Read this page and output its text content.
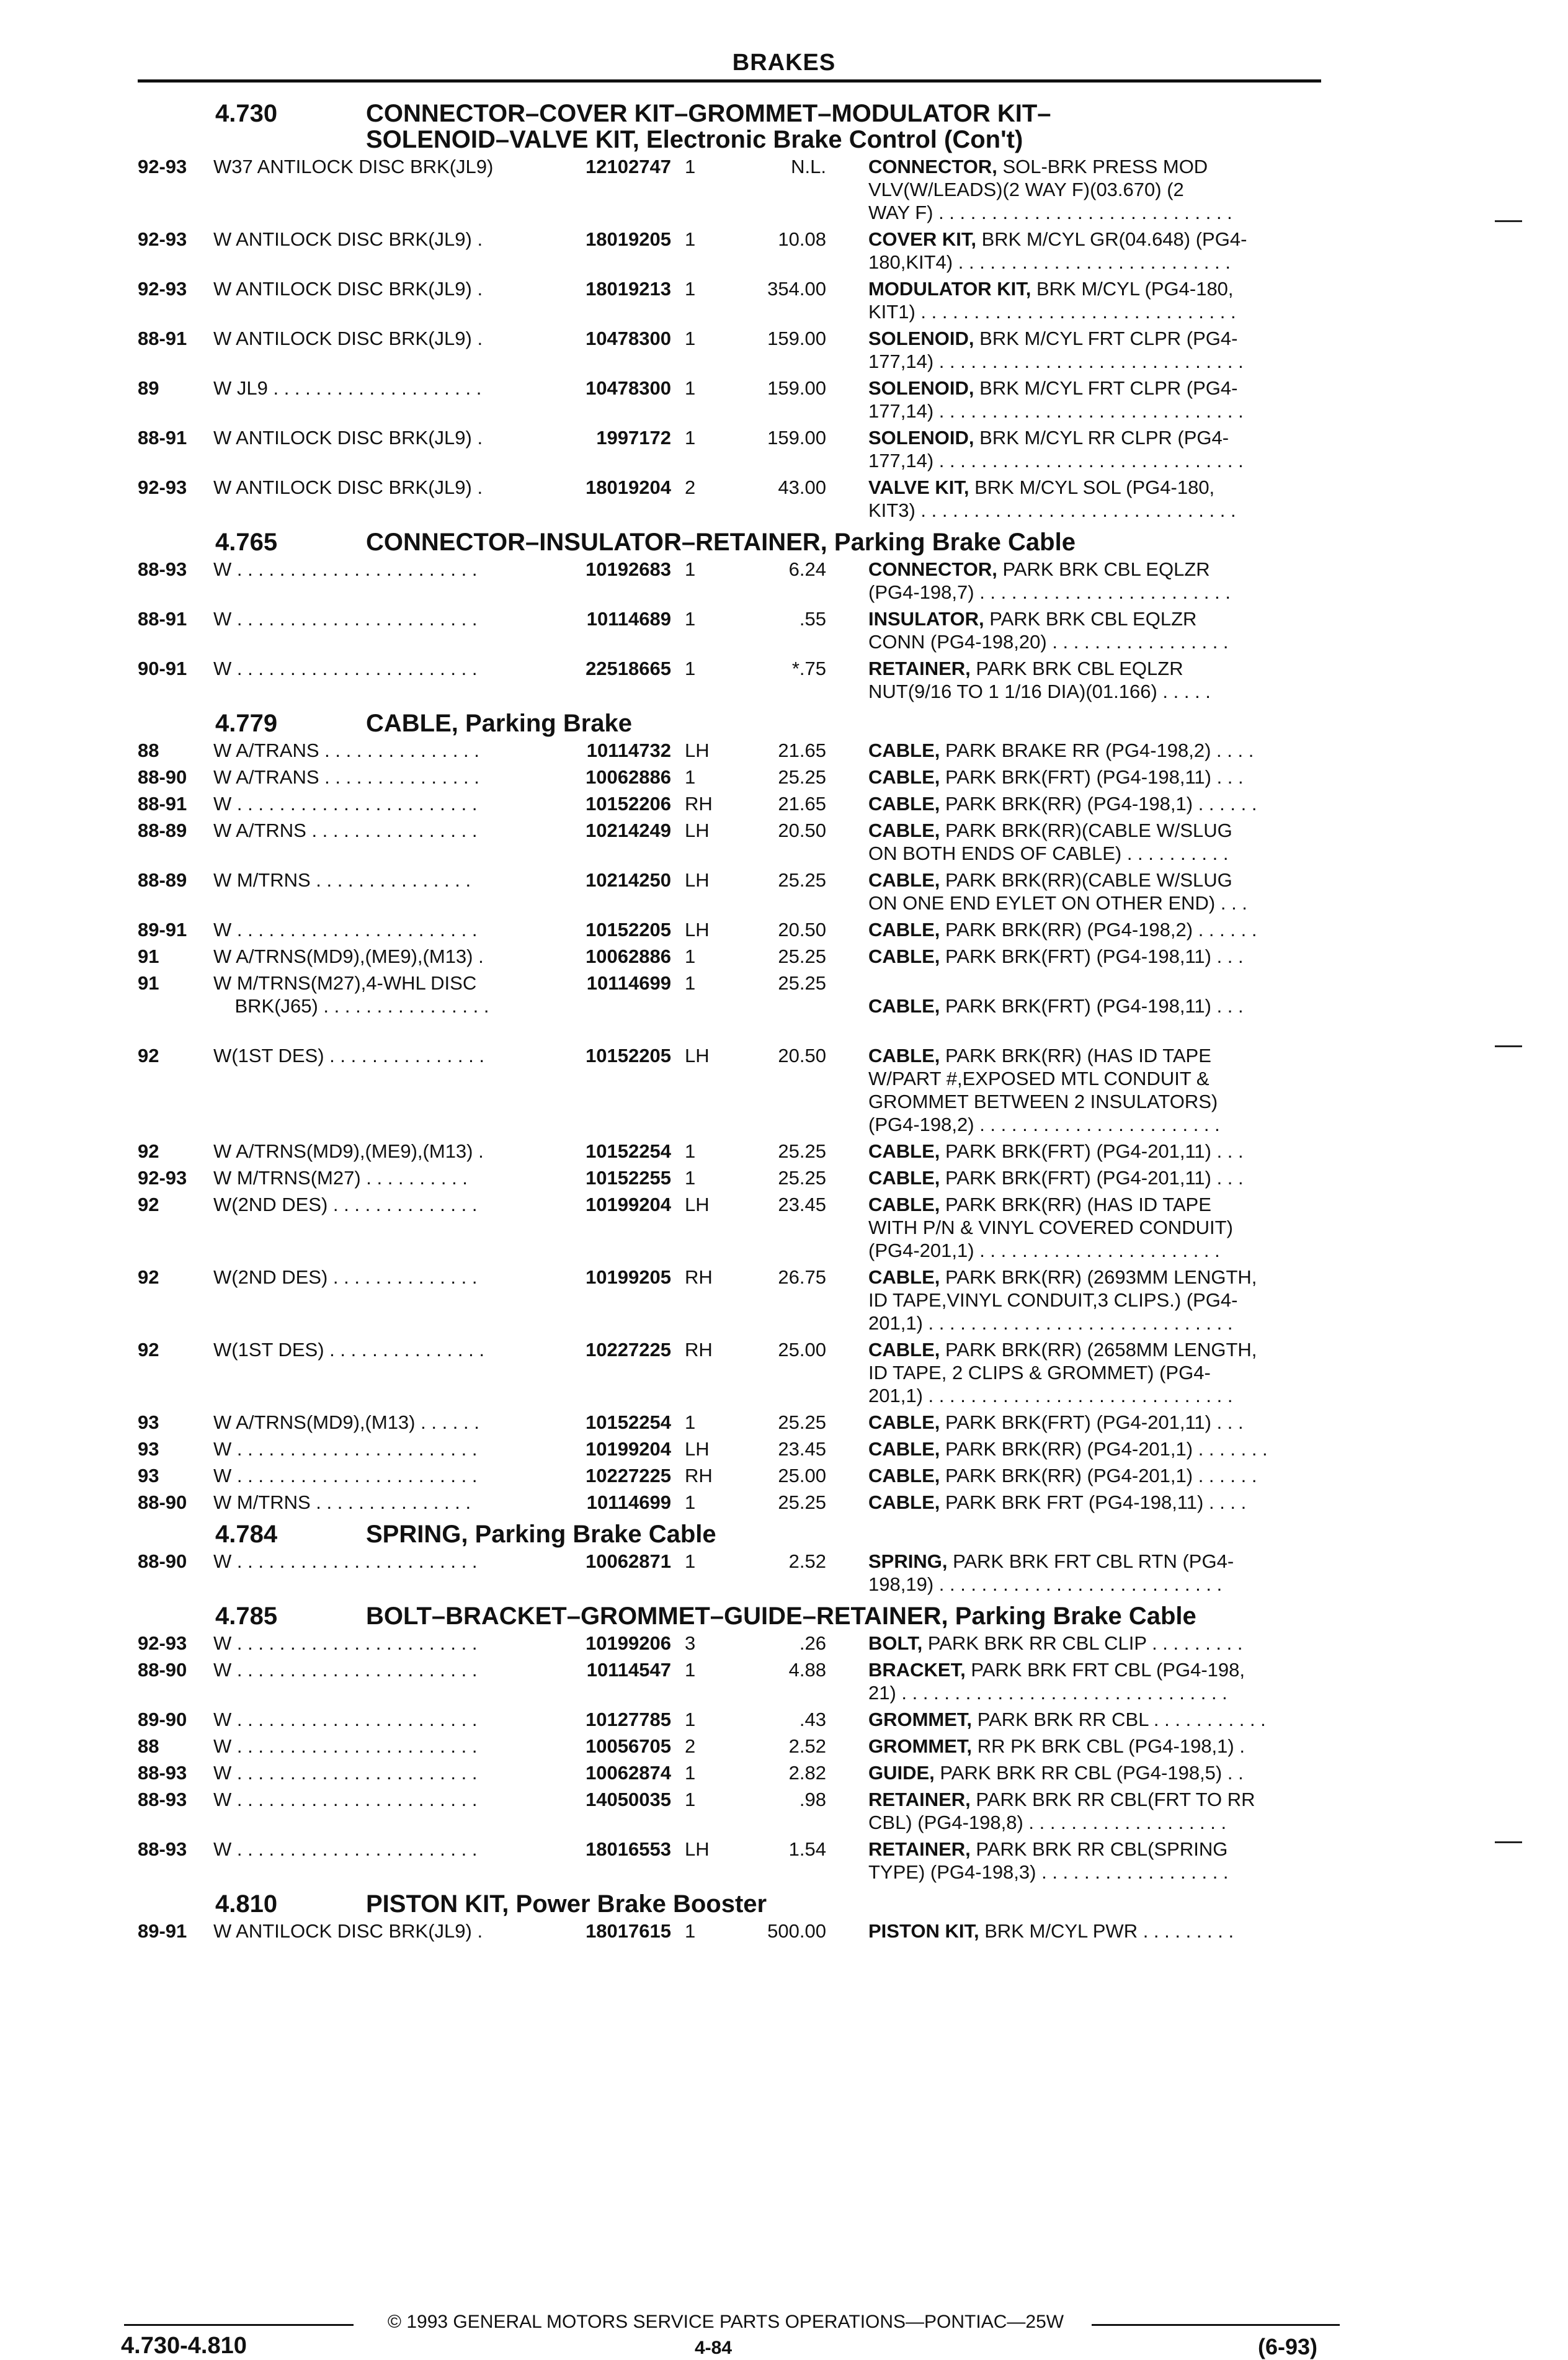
BRAKES
4.730	CONNECTOR–COVER KIT–GROMMET–MODULATOR KIT–
SOLENOID–VALVE KIT, Electronic Brake Control (Con't)
92-93	W37 ANTILOCK DISC BRK(JL9)	12102747 1	N.L. CONNECTOR, SOL-BRK PRESS MOD
VLV(W/LEADS)(2 WAY F)(03.670) (2
WAY F) . . . . . . . . . . . . . . . . . . . . . . . . . . . .
92-93	W ANTILOCK DISC BRK(JL9) .	18019205 1	10.08 COVER KIT, BRK M/CYL GR(04.648) (PG4-
180,KIT4) . . . . . . . . . . . . . . . . . . . . . . . . . .
92-93	W ANTILOCK DISC BRK(JL9) .	18019213 1	354.00 MODULATOR KIT, BRK M/CYL (PG4-180,
KIT1) . . . . . . . . . . . . . . . . . . . . . . . . . . . . . .
88-91	W ANTILOCK DISC BRK(JL9) .	10478300 1	159.00 SOLENOID, BRK M/CYL FRT CLPR (PG4-
177,14) . . . . . . . . . . . . . . . . . . . . . . . . . . . . .
89	W JL9 . . . . . . . . . . . . . . . . . . . .	10478300 1	159.00 SOLENOID, BRK M/CYL FRT CLPR (PG4-
177,14) . . . . . . . . . . . . . . . . . . . . . . . . . . . . .
88-91	W ANTILOCK DISC BRK(JL9) .	1997172 1	159.00 SOLENOID, BRK M/CYL RR CLPR (PG4-
177,14) . . . . . . . . . . . . . . . . . . . . . . . . . . . . .
92-93	W ANTILOCK DISC BRK(JL9) .	18019204 2	43.00 VALVE KIT, BRK M/CYL SOL (PG4-180,
KIT3) . . . . . . . . . . . . . . . . . . . . . . . . . . . . . .
4.765	CONNECTOR–INSULATOR–RETAINER, Parking Brake Cable
88-93	W . . . . . . . . . . . . . . . . . . . . . . .	10192683 1	6.24 CONNECTOR, PARK BRK CBL EQLZR
(PG4-198,7) . . . . . . . . . . . . . . . . . . . . . . . .
88-91	W . . . . . . . . . . . . . . . . . . . . . . .	10114689 1	.55 INSULATOR, PARK BRK CBL EQLZR
CONN (PG4-198,20) . . . . . . . . . . . . . . . . .
90-91	W . . . . . . . . . . . . . . . . . . . . . . .	22518665 1	*.75 RETAINER, PARK BRK CBL EQLZR
NUT(9/16 TO 1 1/16 DIA)(01.166) . . . . .
4.779	CABLE, Parking Brake
88	W A/TRANS . . . . . . . . . . . . . . .	10114732 LH	21.65 CABLE, PARK BRAKE RR (PG4-198,2) . . . .
88-90	W A/TRANS . . . . . . . . . . . . . . .	10062886 1	25.25 CABLE, PARK BRK(FRT) (PG4-198,11) . . .
88-91	W . . . . . . . . . . . . . . . . . . . . . . .	10152206 RH	21.65 CABLE, PARK BRK(RR) (PG4-198,1) . . . . . .
88-89	W A/TRNS . . . . . . . . . . . . . . . .	10214249 LH	20.50 CABLE, PARK BRK(RR)(CABLE W/SLUG
ON BOTH ENDS OF CABLE) . . . . . . . . . .
88-89	W M/TRNS . . . . . . . . . . . . . . .	10214250 LH	25.25 CABLE, PARK BRK(RR)(CABLE W/SLUG
ON ONE END EYLET ON OTHER END) . . .
89-91	W . . . . . . . . . . . . . . . . . . . . . . .	10152205 LH	20.50 CABLE, PARK BRK(RR) (PG4-198,2) . . . . . .
91	W A/TRNS(MD9),(ME9),(M13) .	10062886 1	25.25 CABLE, PARK BRK(FRT) (PG4-198,11) . . .
91	W M/TRNS(M27),4-WHL DISC
BRK(J65) . . . . . . . . . . . . . . . .
10114699 1	25.25
CABLE, PARK BRK(FRT) (PG4-198,11) . . .
92	W(1ST DES) . . . . . . . . . . . . . . .	10152205 LH	20.50 CABLE, PARK BRK(RR) (HAS ID TAPE
W/PART #,EXPOSED MTL CONDUIT &
GROMMET BETWEEN 2 INSULATORS)
(PG4-198,2) . . . . . . . . . . . . . . . . . . . . . . .
92	W A/TRNS(MD9),(ME9),(M13) .	10152254 1	25.25 CABLE, PARK BRK(FRT) (PG4-201,11) . . .
92-93	W M/TRNS(M27) . . . . . . . . . .	10152255 1	25.25 CABLE, PARK BRK(FRT) (PG4-201,11) . . .
92	W(2ND DES) . . . . . . . . . . . . . .	10199204 LH	23.45 CABLE, PARK BRK(RR) (HAS ID TAPE
WITH P/N & VINYL COVERED CONDUIT)
(PG4-201,1) . . . . . . . . . . . . . . . . . . . . . . .
92	W(2ND DES) . . . . . . . . . . . . . .	10199205 RH	26.75 CABLE, PARK BRK(RR) (2693MM LENGTH,
ID TAPE,VINYL CONDUIT,3 CLIPS.) (PG4-
201,1) . . . . . . . . . . . . . . . . . . . . . . . . . . . . .
92	W(1ST DES) . . . . . . . . . . . . . . .	10227225 RH	25.00 CABLE, PARK BRK(RR) (2658MM LENGTH,
ID TAPE, 2 CLIPS & GROMMET) (PG4-
201,1) . . . . . . . . . . . . . . . . . . . . . . . . . . . . .
93	W A/TRNS(MD9),(M13) . . . . . .	10152254 1	25.25 CABLE, PARK BRK(FRT) (PG4-201,11) . . .
93	W . . . . . . . . . . . . . . . . . . . . . . .	10199204 LH	23.45 CABLE, PARK BRK(RR) (PG4-201,1) . . . . . . .
93	W . . . . . . . . . . . . . . . . . . . . . . .	10227225 RH	25.00 CABLE, PARK BRK(RR) (PG4-201,1) . . . . . .
88-90	W M/TRNS . . . . . . . . . . . . . . .	10114699 1	25.25 CABLE, PARK BRK FRT (PG4-198,11) . . . .
4.784	SPRING, Parking Brake Cable
88-90	W . . . . . . . . . . . . . . . . . . . . . . .	10062871 1	2.52 SPRING, PARK BRK FRT CBL RTN (PG4-
198,19) . . . . . . . . . . . . . . . . . . . . . . . . . . .
4.785	BOLT–BRACKET–GROMMET–GUIDE–RETAINER, Parking Brake Cable
92-93	W . . . . . . . . . . . . . . . . . . . . . . .	10199206 3	.26 BOLT, PARK BRK RR CBL CLIP . . . . . . . . .
88-90	W . . . . . . . . . . . . . . . . . . . . . . .	10114547 1	4.88 BRACKET, PARK BRK FRT CBL (PG4-198,
21) . . . . . . . . . . . . . . . . . . . . . . . . . . . . . . .
89-90	W . . . . . . . . . . . . . . . . . . . . . . .	10127785 1	.43 GROMMET, PARK BRK RR CBL . . . . . . . . . . .
88	W . . . . . . . . . . . . . . . . . . . . . . .	10056705 2	2.52 GROMMET, RR PK BRK CBL (PG4-198,1) .
88-93	W . . . . . . . . . . . . . . . . . . . . . . .	10062874 1	2.82 GUIDE, PARK BRK RR CBL (PG4-198,5) . .
88-93	W . . . . . . . . . . . . . . . . . . . . . . .	14050035 1	.98 RETAINER, PARK BRK RR CBL(FRT TO RR
CBL) (PG4-198,8) . . . . . . . . . . . . . . . . . . .
88-93	W . . . . . . . . . . . . . . . . . . . . . . .	18016553 LH	1.54 RETAINER, PARK BRK RR CBL(SPRING
TYPE) (PG4-198,3) . . . . . . . . . . . . . . . . . .
4.810	PISTON KIT, Power Brake Booster
89-91	W ANTILOCK DISC BRK(JL9) .	18017615 1	500.00 PISTON KIT, BRK M/CYL PWR . . . . . . . . .
© 1993 GENERAL MOTORS SERVICE PARTS OPERATIONS—PONTIAC—25W
4.730-4.810	4-84	(6-93)
